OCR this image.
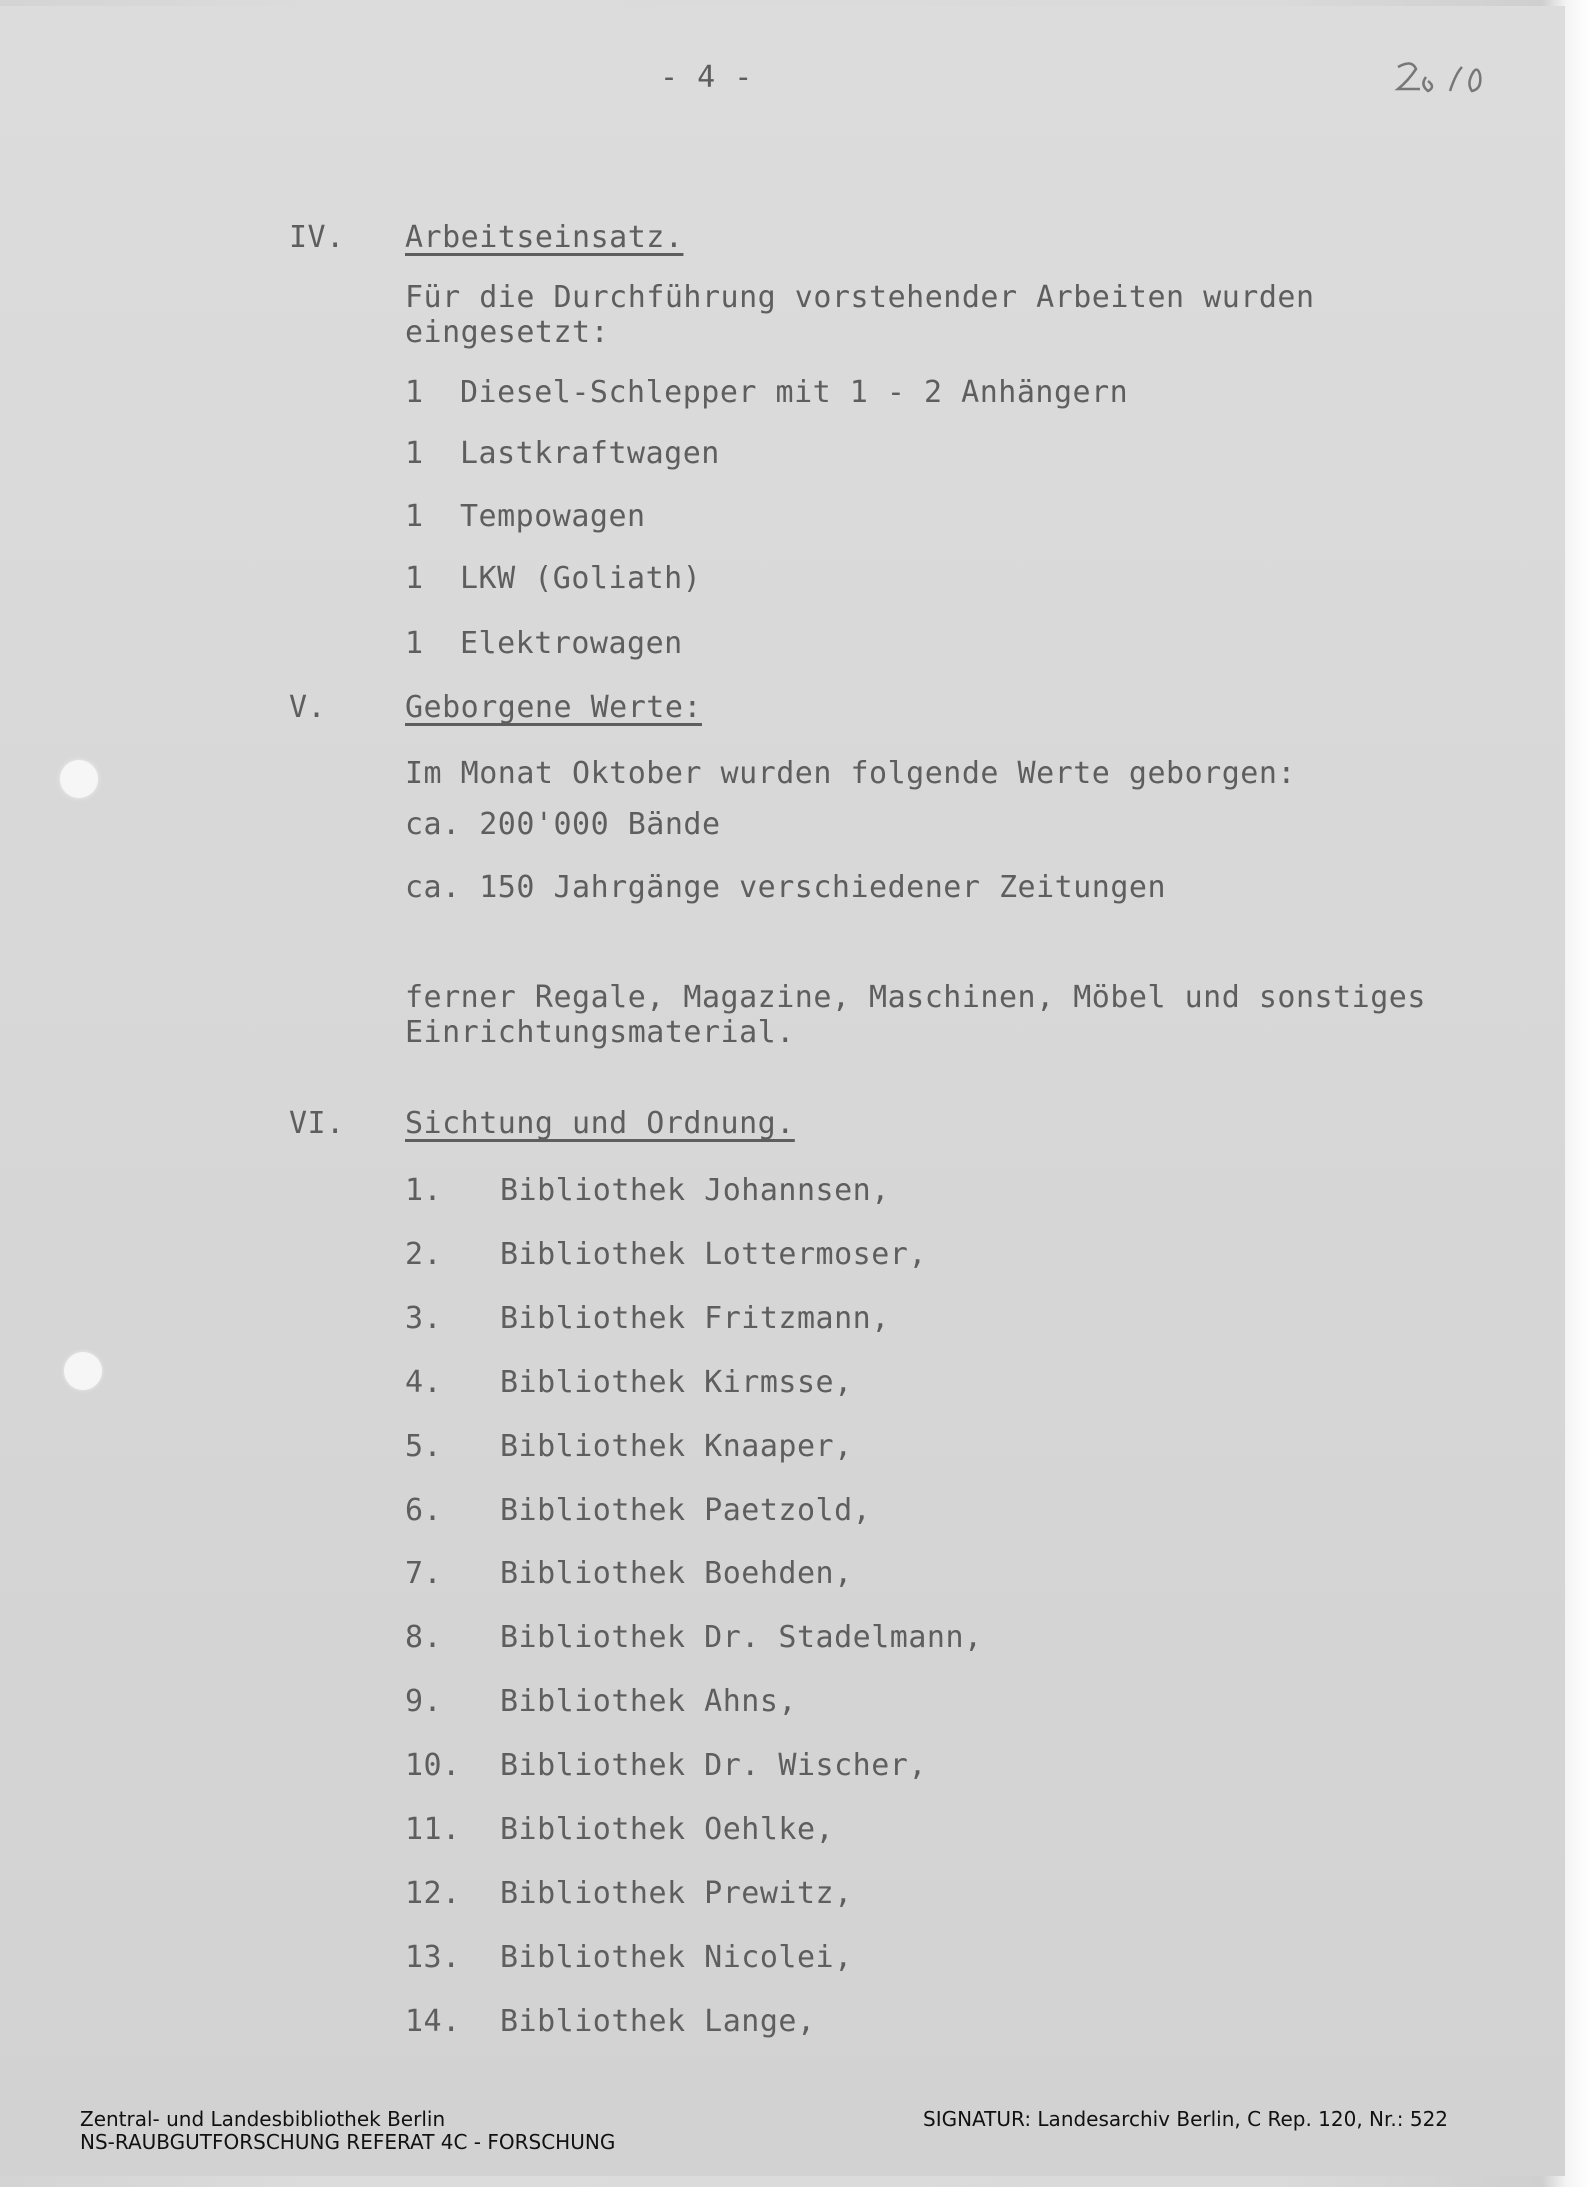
- 4 -
IV. Arbeitseinsatz.
Für die Durchführung vorstehender Arbeiten wurden
eingesetzt:
1 Diesel-Schlepper mit 1 - 2 Anhängern
1 Lastkraftwagen
1 Tempowagen
1 LKW (Goliath)
1 Elektrowagen
V.	Geborgene Werte:
Im Monat Oktober wurden folgende Werte geborgen:
ca. 200'000 Bände
ca. 150 Jahrgänge verschiedener Zeitungen
ferner Regale, Magazine, Maschinen, Möbel und sonstiges
Einrichtungsmaterial.
VI. Sichtung und Ordnung.
1. Bibliothek Johannsen,
2. Bibliothek Lottermoser,
3. Bibliothek Fritzmann,
4. Bibliothek Kirmsse,
5. Bibliothek Knaaper,
6. Bibliothek Paetzold,
7. Bibliothek Boehden,
8. Bibliothek Dr. Stadelmann,
9. Bibliothek Ahns,
10. Bibliothek Dr. Wischer,
11. Bibliothek Oehlke,
12. Bibliothek Prewitz,
13. Bibliothek Nicolei,
14. Bibliothek Lange,
Zentral- und Landesbibliothek Berlin
NS-RAUBGUTFORSCHUNG REFERAT 4C - FORSCHUNG
SIGNATUR: Landesarchiv Berlin, C Rep. 120, Nr.: 522
